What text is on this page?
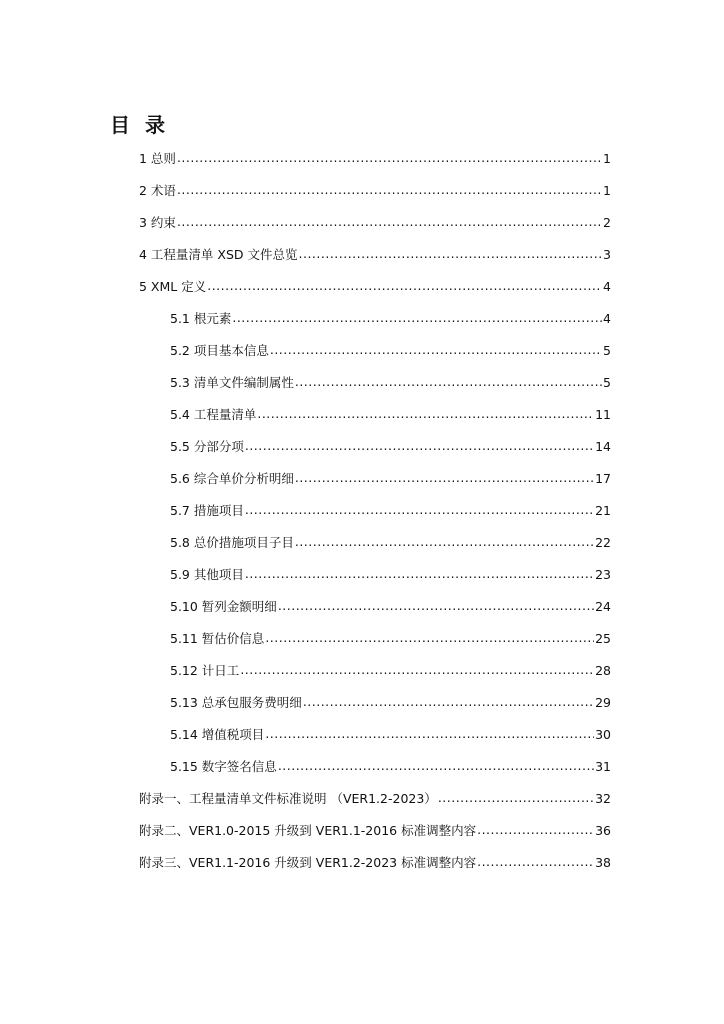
目 录
1 总则 .....	1
2 术语 .....	1
3 约束 .....	2
4 工程量清单 XSD 文件总览 .....	3
5 XML 定义 .....	4
5.1 根元素 .....	4
5.2 项目基本信息 .....	5
5.3 清单文件编制属性 .....	5
5.4 工程量清单 .....	11
5.5 分部分项 .....	14
5.6 综合单价分析明细 .....	17
5.7 措施项目 .....	21
5.8 总价措施项目子目 .....	22
5.9 其他项目 .....	23
5.10 暂列金额明细 .....	24
5.11 暂估价信息 .....	25
5.12 计日工 .....	28
5.13 总承包服务费明细 .....	29
5.14 增值税项目 .....	30
5.15 数字签名信息 .....	31
附录一、工程量清单文件标准说明 （VER1.2-2023） .....	32
附录二、VER1.0-2015 升级到 VER1.1-2016 标准调整内容 .....	36
附录三、VER1.1-2016 升级到 VER1.2-2023 标准调整内容 .....	38
